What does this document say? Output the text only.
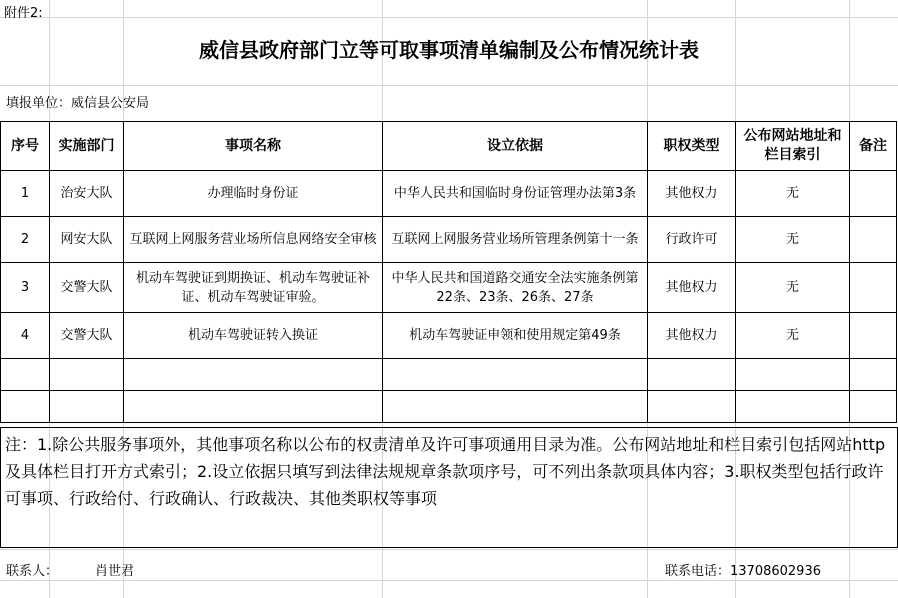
附件2:
威信县政府部门立等可取事项清单编制及公布情况统计表
填报单位：威信县公安局
序号	实施部门	事项名称	设立依据	职权类型	公布网站地址和栏目索引	备注
1	治安大队	办理临时身份证	中华人民共和国临时身份证管理办法第3条	其他权力	无	
2	网安大队	互联网上网服务营业场所信息网络安全审核	互联网上网服务营业场所管理条例第十一条	行政许可	无	
3	交警大队	机动车驾驶证到期换证、机动车驾驶证补证、机动车驾驶证审验。	中华人民共和国道路交通安全法实施条例第22条、23条、26条、27条	其他权力	无	
4	交警大队	机动车驾驶证转入换证	机动车驾驶证申领和使用规定第49条	其他权力	无	

注：1.除公共服务事项外，其他事项名称以公布的权责清单及许可事项通用目录为准。公布网站地址和栏目索引包括网站http及具体栏目打开方式索引；2.设立依据只填写到法律法规规章条款项序号，可不列出条款项具体内容；3.职权类型包括行政许可事项、行政给付、行政确认、行政裁决、其他类职权等事项
联系人：	肖世君	联系电话：13708602936
